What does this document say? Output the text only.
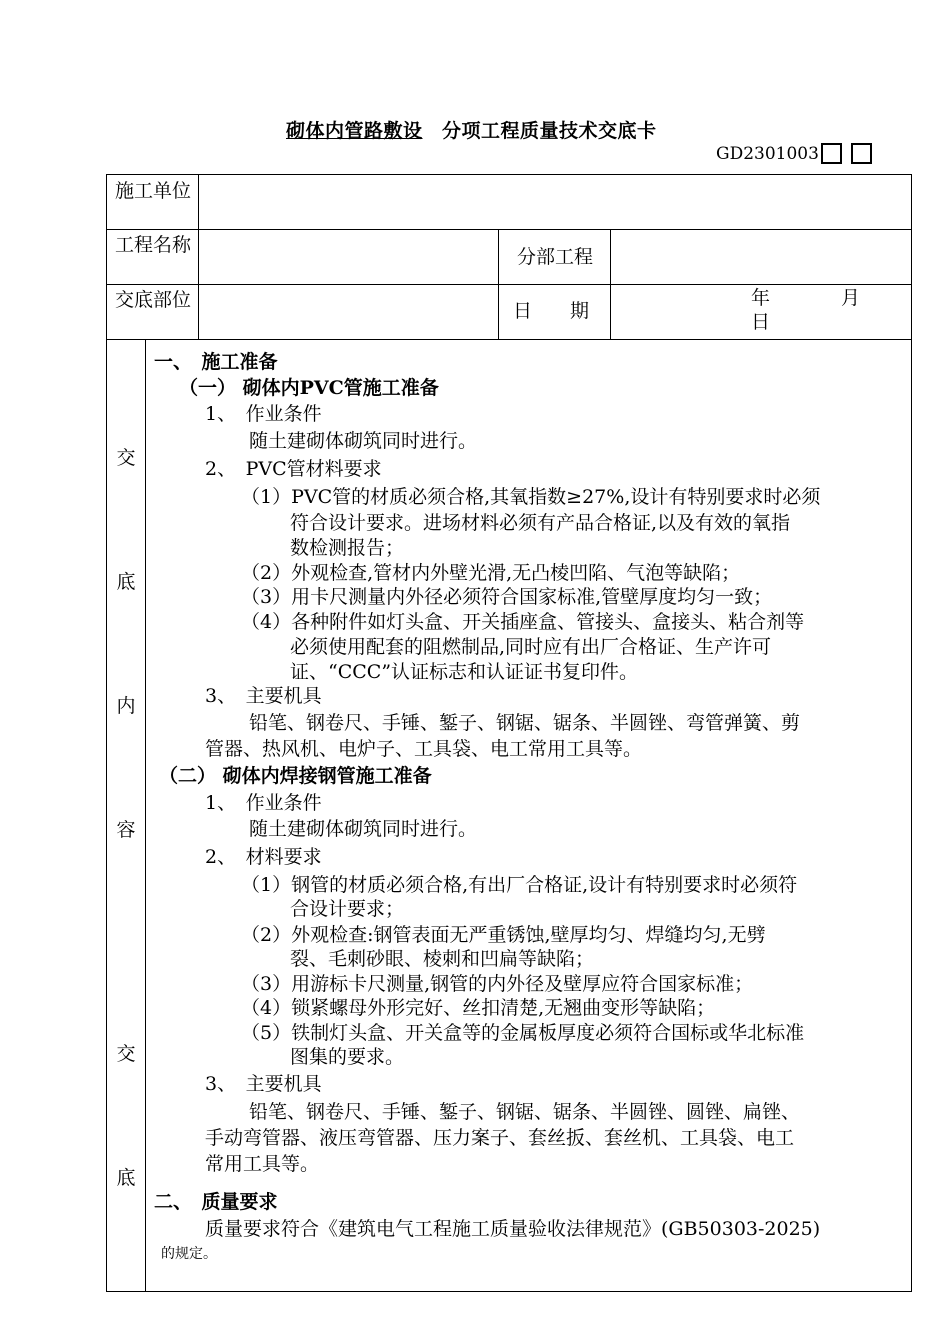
砌体内管路敷设　 分项工程质量技术交底卡
GD2301003
施工单位
工程名称
分部工程
交底部位	日　　期
年	月
日
交
底
内
容
交
底
一、　施工准备
（一） 砌体内PVC管施工准备
1、　作业条件
随土建砌体砌筑同时进行。
2、　PVC管材料要求
（1）PVC管的材质必须合格,其氧指数≥27%,设计有特别要求时必须
符合设计要求。进场材料必须有产品合格证,以及有效的氧指
数检测报告；
（2）外观检查,管材内外壁光滑,无凸棱凹陷、气泡等缺陷；
（3）用卡尺测量内外径必须符合国家标准,管壁厚度均匀一致；
（4）各种附件如灯头盒、开关插座盒、管接头、盒接头、粘合剂等
必须使用配套的阻燃制品,同时应有出厂合格证、生产许可
证、“CCC”认证标志和认证证书复印件。
3、　主要机具
铅笔、钢卷尺、手锤、錾子、钢锯、锯条、半圆锉、弯管弹簧、剪
管器、热风机、电炉子、工具袋、电工常用工具等。
（二） 砌体内焊接钢管施工准备
1、　作业条件
随土建砌体砌筑同时进行。
2、　材料要求
（1）钢管的材质必须合格,有出厂合格证,设计有特别要求时必须符
合设计要求；
（2）外观检查:钢管表面无严重锈蚀,壁厚均匀、焊缝均匀,无劈
裂、毛刺砂眼、棱刺和凹扁等缺陷；
（3）用游标卡尺测量,钢管的内外径及壁厚应符合国家标准；
（4）锁紧螺母外形完好、丝扣清楚,无翘曲变形等缺陷；
（5）铁制灯头盒、开关盒等的金属板厚度必须符合国标或华北标准
图集的要求。
3、　主要机具
铅笔、钢卷尺、手锤、錾子、钢锯、锯条、半圆锉、圆锉、扁锉、
手动弯管器、液压弯管器、压力案子、套丝扳、套丝机、工具袋、电工
常用工具等。
二、　质量要求
质量要求符合《建筑电气工程施工质量验收法律规范》(GB50303-2025)
的规定。
